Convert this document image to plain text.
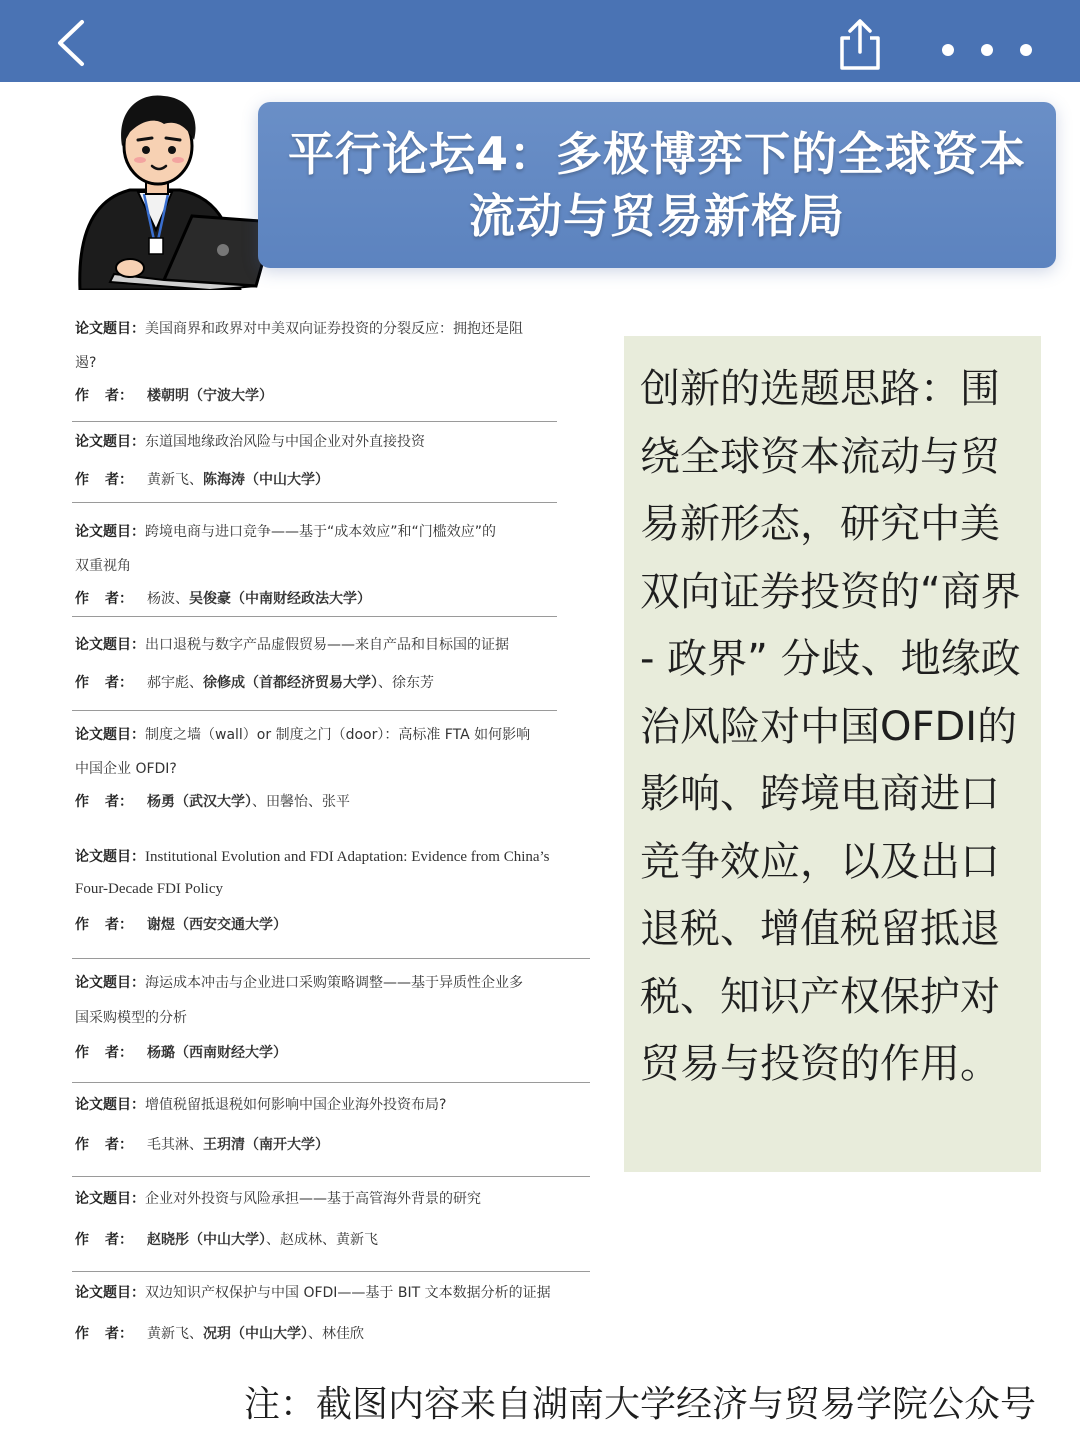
平行论坛4：多极博弈下的全球资本
流动与贸易新格局
论文题目：美国商界和政界对中美双向证券投资的分裂反应：拥抱还是阻
遏?
作 者： 楼朝明（宁波大学）
论文题目：东道国地缘政治风险与中国企业对外直接投资
作 者： 黄新飞、陈海涛（中山大学）
论文题目：跨境电商与进口竞争——基于“成本效应”和“门槛效应”的
双重视角
作 者： 杨波、吴俊豪（中南财经政法大学）
论文题目：出口退税与数字产品虚假贸易——来自产品和目标国的证据
作 者： 郝宇彪、徐修成（首都经济贸易大学）、徐东芳
论文题目：制度之墙（wall）or 制度之门（door）：高标准 FTA 如何影响
中国企业 OFDI?
作 者： 杨勇（武汉大学）、田馨怡、张平
论文题目：Institutional Evolution and FDI Adaptation: Evidence from China’s
Four-Decade FDI Policy
作 者： 谢煜（西安交通大学）
论文题目：海运成本冲击与企业进口采购策略调整——基于异质性企业多
国采购模型的分析
作 者： 杨璐（西南财经大学）
论文题目：增值税留抵退税如何影响中国企业海外投资布局?
作 者： 毛其淋、王玥清（南开大学）
论文题目：企业对外投资与风险承担——基于高管海外背景的研究
作 者： 赵晓彤（中山大学）、赵成林、黄新飞
论文题目：双边知识产权保护与中国 OFDI——基于 BIT 文本数据分析的证据
作 者： 黄新飞、况玥（中山大学）、林佳欣
创新的选题思路：围绕全球资本流动与贸易新形态，研究中美双向证券投资的“商界 - 政界” 分歧、地缘政治风险对中国OFDI的影响、跨境电商进口竞争效应，以及出口退税、增值税留抵退税、知识产权保护对贸易与投资的作用。
注：截图内容来自湖南大学经济与贸易学院公众号
